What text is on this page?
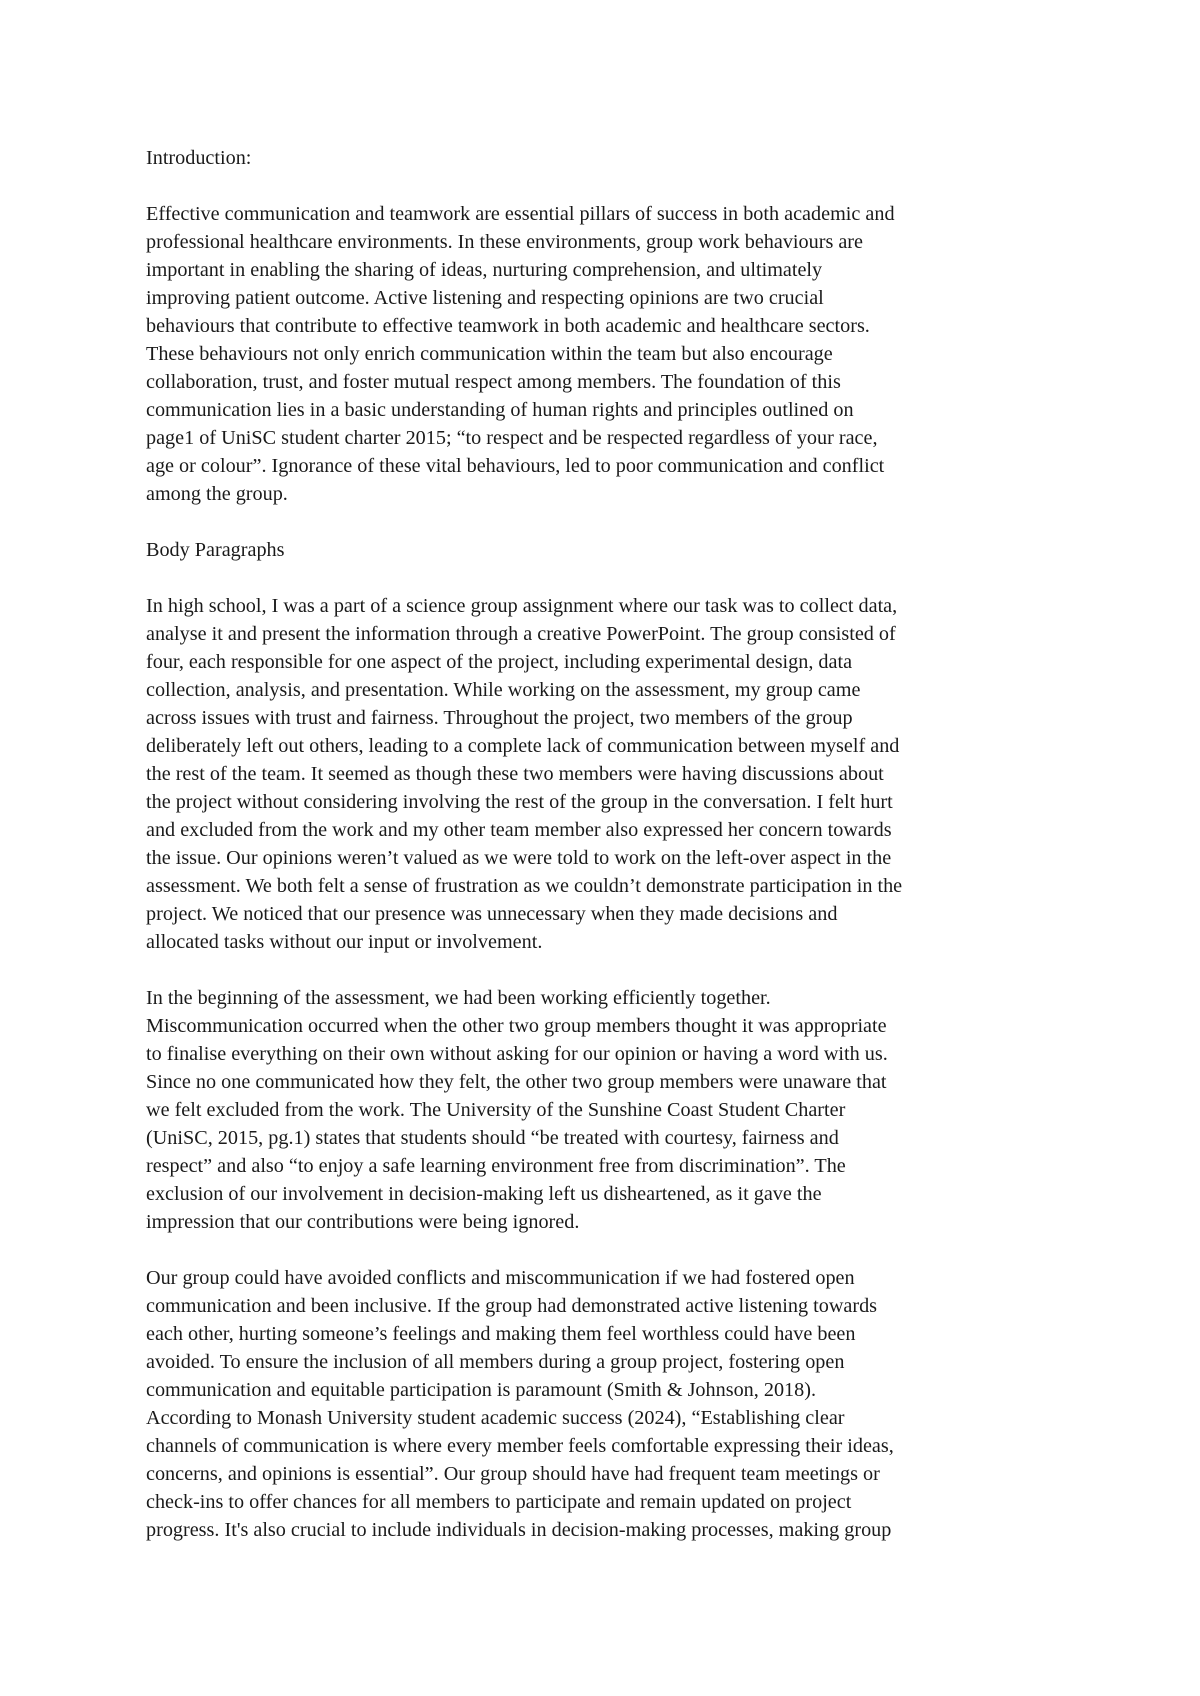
Introduction:

Effective communication and teamwork are essential pillars of success in both academic and
professional healthcare environments. In these environments, group work behaviours are
important in enabling the sharing of ideas, nurturing comprehension, and ultimately
improving patient outcome. Active listening and respecting opinions are two crucial
behaviours that contribute to effective teamwork in both academic and healthcare sectors.
These behaviours not only enrich communication within the team but also encourage
collaboration, trust, and foster mutual respect among members. The foundation of this
communication lies in a basic understanding of human rights and principles outlined on
page1 of UniSC student charter 2015; “to respect and be respected regardless of your race,
age or colour”. Ignorance of these vital behaviours, led to poor communication and conflict
among the group.

Body Paragraphs

In high school, I was a part of a science group assignment where our task was to collect data,
analyse it and present the information through a creative PowerPoint. The group consisted of
four, each responsible for one aspect of the project, including experimental design, data
collection, analysis, and presentation. While working on the assessment, my group came
across issues with trust and fairness. Throughout the project, two members of the group
deliberately left out others, leading to a complete lack of communication between myself and
the rest of the team. It seemed as though these two members were having discussions about
the project without considering involving the rest of the group in the conversation. I felt hurt
and excluded from the work and my other team member also expressed her concern towards
the issue. Our opinions weren’t valued as we were told to work on the left-over aspect in the
assessment. We both felt a sense of frustration as we couldn’t demonstrate participation in the
project. We noticed that our presence was unnecessary when they made decisions and
allocated tasks without our input or involvement.

In the beginning of the assessment, we had been working efficiently together.
Miscommunication occurred when the other two group members thought it was appropriate
to finalise everything on their own without asking for our opinion or having a word with us.
Since no one communicated how they felt, the other two group members were unaware that
we felt excluded from the work. The University of the Sunshine Coast Student Charter
(UniSC, 2015, pg.1) states that students should “be treated with courtesy, fairness and
respect” and also “to enjoy a safe learning environment free from discrimination”. The
exclusion of our involvement in decision-making left us disheartened, as it gave the
impression that our contributions were being ignored.

Our group could have avoided conflicts and miscommunication if we had fostered open
communication and been inclusive. If the group had demonstrated active listening towards
each other, hurting someone’s feelings and making them feel worthless could have been
avoided. To ensure the inclusion of all members during a group project, fostering open
communication and equitable participation is paramount (Smith & Johnson, 2018).
According to Monash University student academic success (2024), “Establishing clear
channels of communication is where every member feels comfortable expressing their ideas,
concerns, and opinions is essential”. Our group should have had frequent team meetings or
check-ins to offer chances for all members to participate and remain updated on project
progress. It's also crucial to include individuals in decision-making processes, making group
